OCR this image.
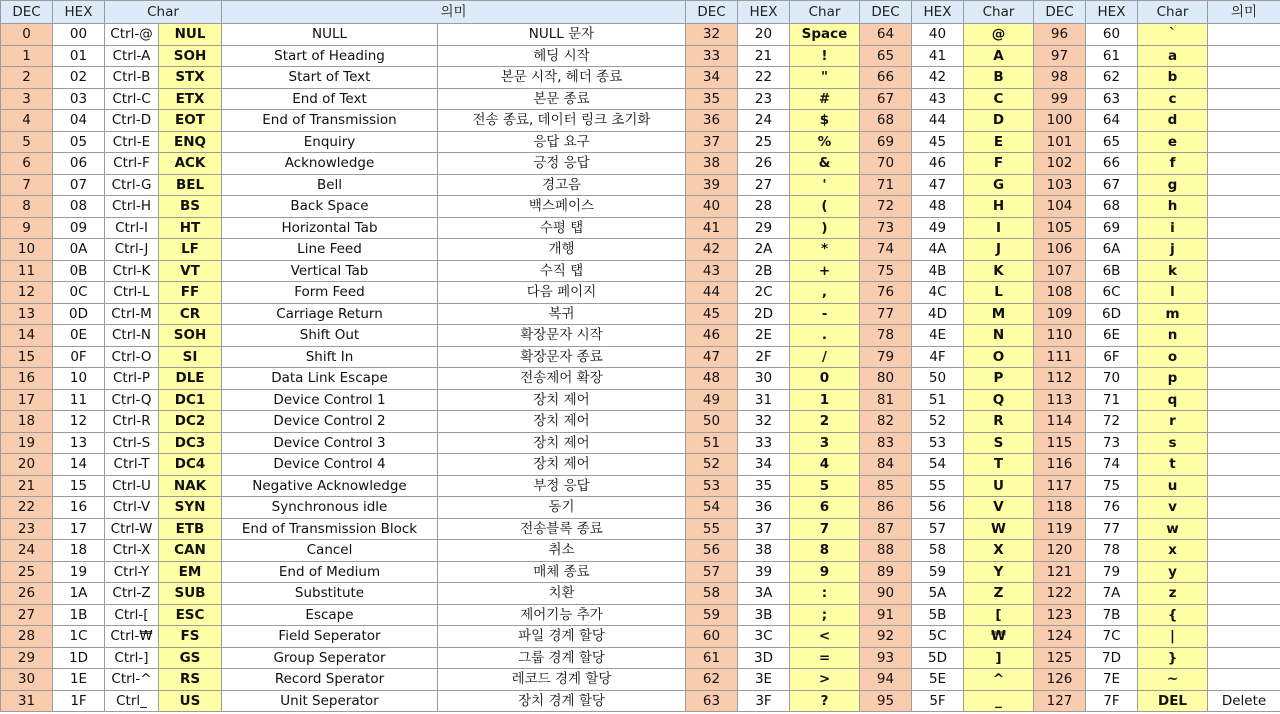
DEC	HEX	Char		의미		DEC	HEX	Char	DEC	HEX	Char	DEC	HEX	Char	의미
0	00	Ctrl-@	NUL	NULL	NULL 문자	32	20	Space	64	40	@	96	60	`	
1	01	Ctrl-A	SOH	Start of Heading	헤딩 시작	33	21	!	65	41	A	97	61	a	
2	02	Ctrl-B	STX	Start of Text	본문 시작, 헤더 종료	34	22	"	66	42	B	98	62	b	
3	03	Ctrl-C	ETX	End of Text	본문 종료	35	23	#	67	43	C	99	63	c	
4	04	Ctrl-D	EOT	End of Transmission	전송 종료, 데이터 링크 초기화	36	24	$	68	44	D	100	64	d	
5	05	Ctrl-E	ENQ	Enquiry	응답 요구	37	25	%	69	45	E	101	65	e	
6	06	Ctrl-F	ACK	Acknowledge	긍정 응답	38	26	&	70	46	F	102	66	f	
7	07	Ctrl-G	BEL	Bell	경고음	39	27	'	71	47	G	103	67	g	
8	08	Ctrl-H	BS	Back Space	백스페이스	40	28	(	72	48	H	104	68	h	
9	09	Ctrl-I	HT	Horizontal Tab	수평 탭	41	29	)	73	49	I	105	69	i	
10	0A	Ctrl-J	LF	Line Feed	개행	42	2A	*	74	4A	J	106	6A	j	
11	0B	Ctrl-K	VT	Vertical Tab	수직 탭	43	2B	+	75	4B	K	107	6B	k	
12	0C	Ctrl-L	FF	Form Feed	다음 페이지	44	2C	,	76	4C	L	108	6C	l	
13	0D	Ctrl-M	CR	Carriage Return	복귀	45	2D	-	77	4D	M	109	6D	m	
14	0E	Ctrl-N	SOH	Shift Out	확장문자 시작	46	2E	.	78	4E	N	110	6E	n	
15	0F	Ctrl-O	SI	Shift In	확장문자 종료	47	2F	/	79	4F	O	111	6F	o	
16	10	Ctrl-P	DLE	Data Link Escape	전송제어 확장	48	30	0	80	50	P	112	70	p	
17	11	Ctrl-Q	DC1	Device Control 1	장치 제어	49	31	1	81	51	Q	113	71	q	
18	12	Ctrl-R	DC2	Device Control 2	장치 제어	50	32	2	82	52	R	114	72	r	
19	13	Ctrl-S	DC3	Device Control 3	장치 제어	51	33	3	83	53	S	115	73	s	
20	14	Ctrl-T	DC4	Device Control 4	장치 제어	52	34	4	84	54	T	116	74	t	
21	15	Ctrl-U	NAK	Negative Acknowledge	부정 응답	53	35	5	85	55	U	117	75	u	
22	16	Ctrl-V	SYN	Synchronous idle	동기	54	36	6	86	56	V	118	76	v	
23	17	Ctrl-W	ETB	End of Transmission Block	전송블록 종료	55	37	7	87	57	W	119	77	w	
24	18	Ctrl-X	CAN	Cancel	취소	56	38	8	88	58	X	120	78	x	
25	19	Ctrl-Y	EM	End of Medium	매체 종료	57	39	9	89	59	Y	121	79	y	
26	1A	Ctrl-Z	SUB	Substitute	치환	58	3A	:	90	5A	Z	122	7A	z	
27	1B	Ctrl-[	ESC	Escape	제어기능 추가	59	3B	;	91	5B	[	123	7B	{	
28	1C	Ctrl-₩	FS	Field Seperator	파일 경계 할당	60	3C	<	92	5C	₩	124	7C	|	
29	1D	Ctrl-]	GS	Group Seperator	그룹 경계 할당	61	3D	=	93	5D	]	125	7D	}	
30	1E	Ctrl-^	RS	Record Sperator	레코드 경계 할당	62	3E	>	94	5E	^	126	7E	~	
31	1F	Ctrl_	US	Unit Seperator	장치 경계 할당	63	3F	?	95	5F	_	127	7F	DEL	Delete
